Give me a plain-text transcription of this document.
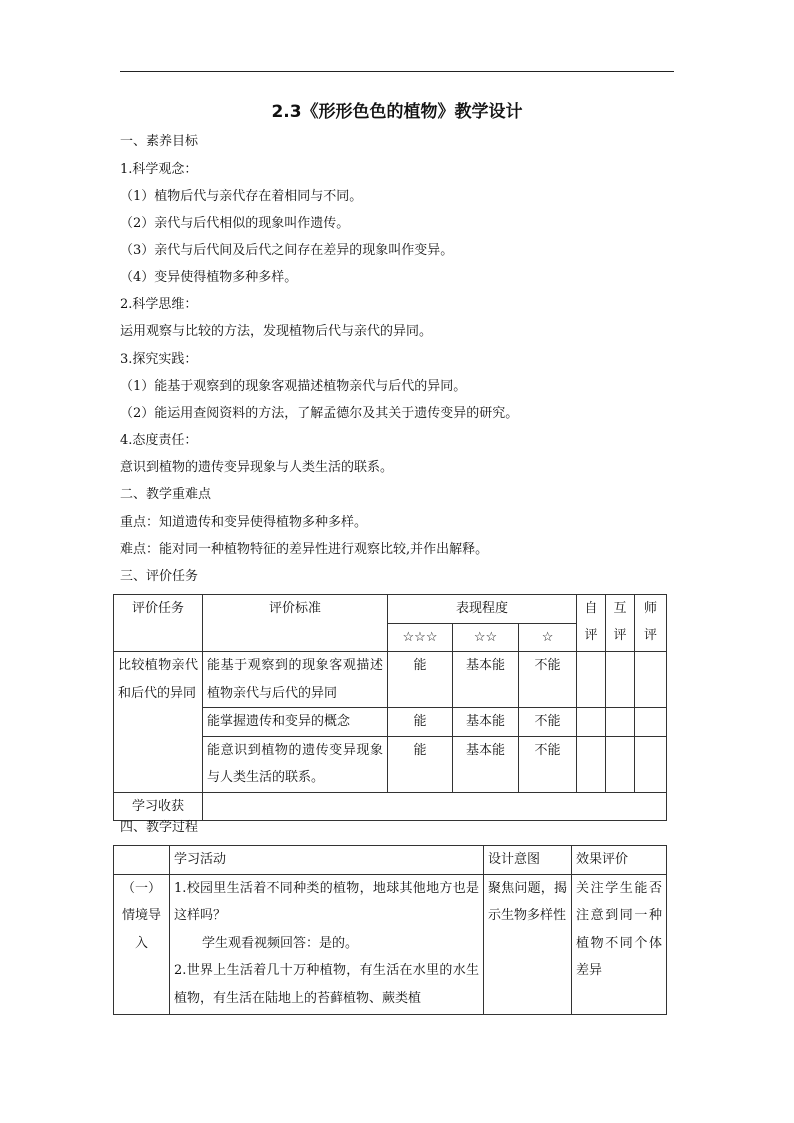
2.3《形形色色的植物》教学设计
一、素养目标
1.科学观念：
（1）植物后代与亲代存在着相同与不同。
（2）亲代与后代相似的现象叫作遗传。
（3）亲代与后代间及后代之间存在差异的现象叫作变异。
（4）变异使得植物多种多样。
2.科学思维：
运用观察与比较的方法，发现植物后代与亲代的异同。
3.探究实践：
（1）能基于观察到的现象客观描述植物亲代与后代的异同。
（2）能运用查阅资料的方法，了解孟德尔及其关于遗传变异的研究。
4.态度责任：
意识到植物的遗传变异现象与人类生活的联系。
二、教学重难点
重点：知道遗传和变异使得植物多种多样。
难点：能对同一种植物特征的差异性进行观察比较,并作出解释。
三、评价任务
评价任务	评价标准	表现程度			自评	互评	师评
		☆☆☆	☆☆	☆			
比较植物亲代和后代的异同	能基于观察到的现象客观描述植物亲代与后代的异同	能	基本能	不能			
	能掌握遗传和变异的概念	能	基本能	不能			
	能意识到植物的遗传变异现象与人类生活的联系。	能	基本能	不能			
学习收获							
四、教学过程
	学习活动	设计意图	效果评价
（一）情境导入	1.校园里生活着不同种类的植物，地球其他地方也是这样吗？
学生观看视频回答：是的。
2.世界上生活着几十万种植物，有生活在水里的水生植物，有生活在陆地上的苔藓植物、蕨类植	聚焦问题，揭示生物多样性	关注学生能否注意到同一种植物不同个体差异
